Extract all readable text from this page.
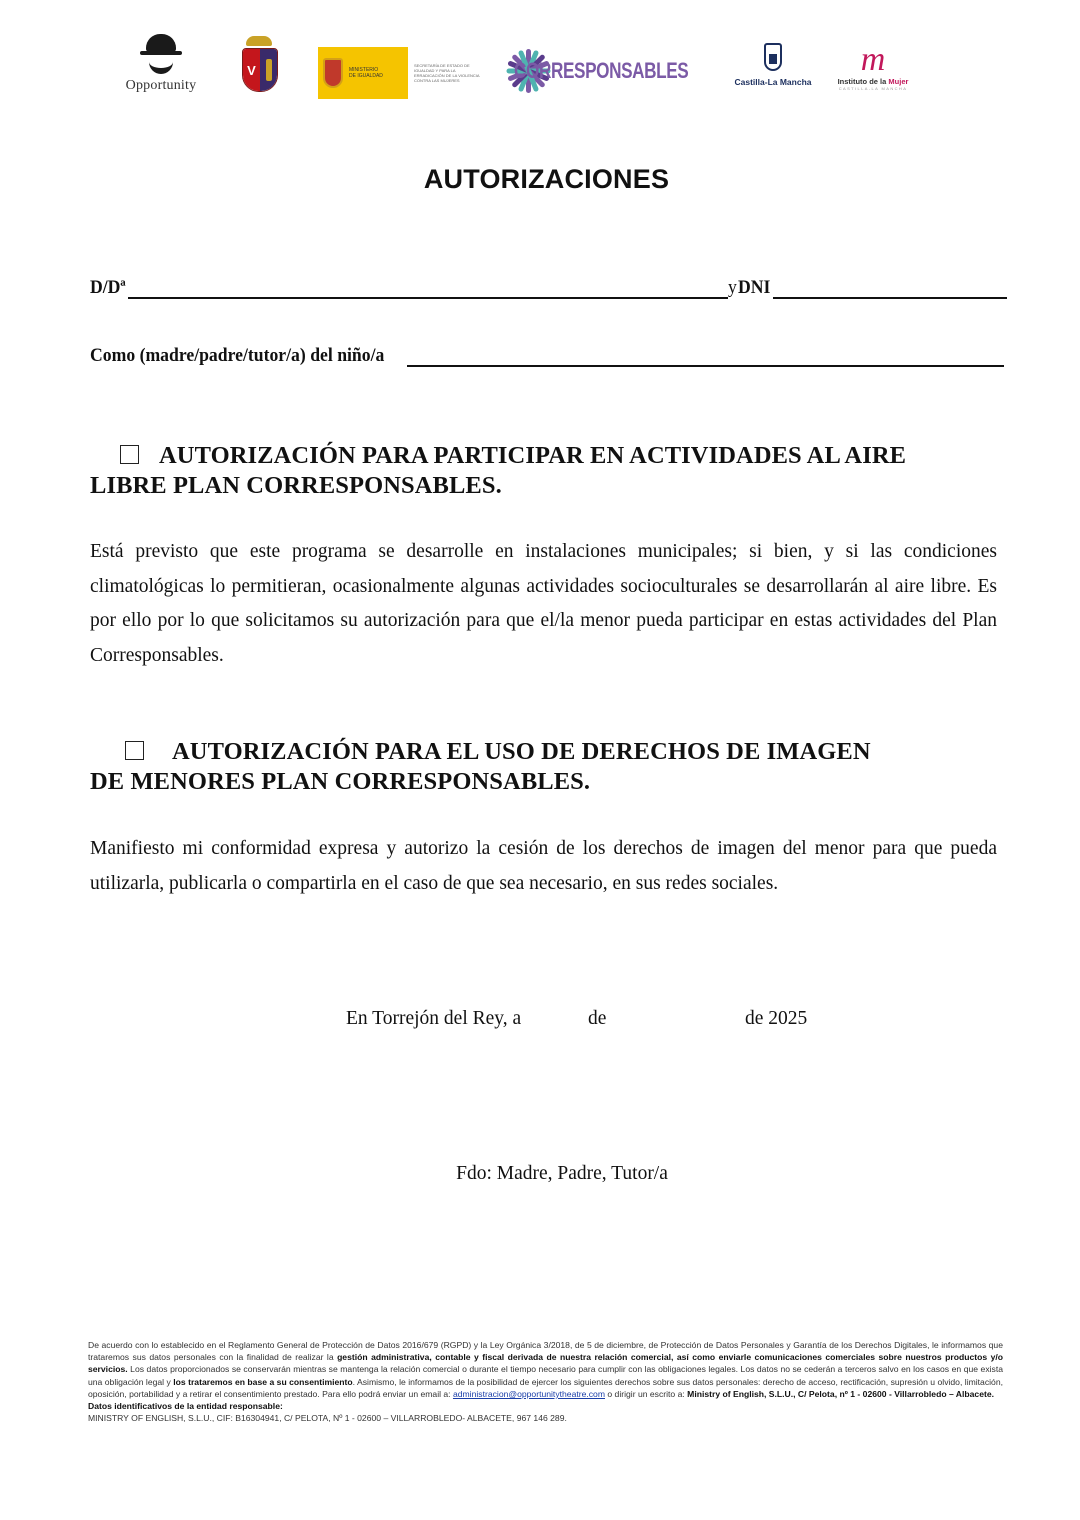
Opportunity
V	MINISTERIO
DE IGUALDAD
SECRETARÍA DE ESTADO DE IGUALDAD Y PARA LA ERRADICACIÓN DE LA VIOLENCIA CONTRA LAS MUJERES	CORRESPONSABLES	Castilla-La Mancha
m
Instituto de la Mujer
CASTILLA-LA MANCHA
AUTORIZACIONES
D/Dª	y DNI
Como (madre/padre/tutor/a) del niño/a
AUTORIZACIÓN PARA PARTICIPAR EN ACTIVIDADES AL AIRE
LIBRE PLAN CORRESPONSABLES.
Está previsto que este programa se desarrolle en instalaciones municipales; si bien, y si las condiciones climatológicas lo permitieran, ocasionalmente algunas actividades socioculturales se desarrollarán al aire libre. Es por ello por lo que solicitamos su autorización para que el/la menor pueda participar en estas actividades del Plan Corresponsables.
AUTORIZACIÓN PARA EL USO DE DERECHOS DE IMAGEN
DE MENORES PLAN CORRESPONSABLES.
Manifiesto mi conformidad expresa y autorizo la cesión de los derechos de imagen del menor para que pueda utilizarla, publicarla o compartirla en el caso de que sea necesario, en sus redes sociales.
En Torrejón del Rey, a	de	de 2025
Fdo: Madre, Padre, Tutor/a
De acuerdo con lo establecido en el Reglamento General de Protección de Datos 2016/679 (RGPD) y la Ley Orgánica 3/2018, de 5 de diciembre, de Protección de Datos Personales y Garantía de los Derechos Digitales, le informamos que trataremos sus datos personales con la finalidad de realizar la gestión administrativa, contable y fiscal derivada de nuestra relación comercial, así como enviarle comunicaciones comerciales sobre nuestros productos y/o servicios. Los datos proporcionados se conservarán mientras se mantenga la relación comercial o durante el tiempo necesario para cumplir con las obligaciones legales. Los datos no se cederán a terceros salvo en los casos en que exista una obligación legal y los trataremos en base a su consentimiento. Asimismo, le informamos de la posibilidad de ejercer los siguientes derechos sobre sus datos personales: derecho de acceso, rectificación, supresión u olvido, limitación, oposición, portabilidad y a retirar el consentimiento prestado. Para ello podrá enviar un email a: administracion@opportunitytheatre.com o dirigir un escrito a: Ministry of English, S.L.U., C/ Pelota, nº 1 - 02600 - Villarrobledo – Albacete.
Datos identificativos de la entidad responsable:
MINISTRY OF ENGLISH, S.L.U., CIF: B16304941, C/ PELOTA, Nº 1 - 02600 – VILLARROBLEDO- ALBACETE, 967 146 289.
